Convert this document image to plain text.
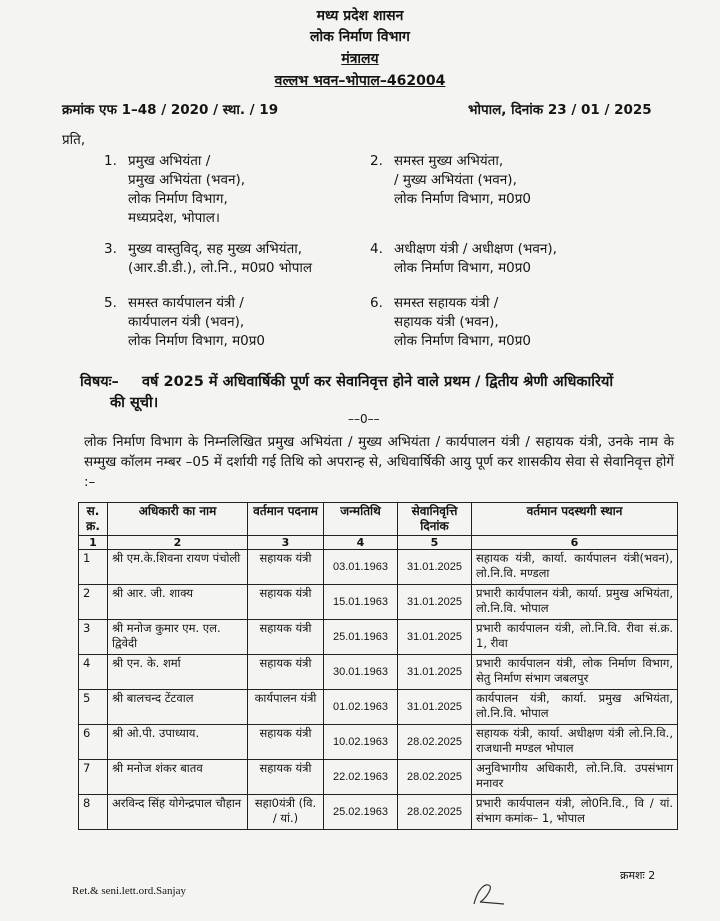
मध्य प्रदेश शासन
लोक निर्माण विभाग
मंत्रालय
वल्लभ भवन–भोपाल–462004
क्रमांक एफ 1–48 / 2020 / स्था. / 19	भोपाल, दिनांक 23 / 01 / 2025
प्रति,
1. प्रमुख अभियंता /
प्रमुख अभियंता (भवन),
लोक निर्माण विभाग,
मध्यप्रदेश, भोपाल।
2. समस्त मुख्य अभियंता,
/ मुख्य अभियंता (भवन),
लोक निर्माण विभाग, म0प्र0
3. मुख्य वास्तुविद्, सह मुख्य अभियंता,
(आर.डी.डी.), लो.नि., म0प्र0 भोपाल
4. अधीक्षण यंत्री / अधीक्षण (भवन),
लोक निर्माण विभाग, म0प्र0
5. समस्त कार्यपालन यंत्री /
कार्यपालन यंत्री (भवन),
लोक निर्माण विभाग, म0प्र0
6. समस्त सहायक यंत्री /
सहायक यंत्री (भवन),
लोक निर्माण विभाग, म0प्र0
विषयः– वर्ष 2025 में अधिवार्षिकी पूर्ण कर सेवानिवृत्त होने वाले प्रथम / द्वितीय श्रेणी अधिकारियों
की सूची।
––0––
लोक निर्माण विभाग के निम्नलिखित प्रमुख अभियंता / मुख्य अभियंता / कार्यपालन यंत्री / सहायक यंत्री, उनके नाम के सम्मुख कॉलम नम्बर –05 में दर्शायी गई तिथि को अपरान्ह से, अधिवार्षिकी आयु पूर्ण कर शासकीय सेवा से सेवानिवृत्त होगें :–
स. क्र.	अधिकारी का नाम	वर्तमान पदनाम	जन्मतिथि	सेवानिवृत्ति दिनांक	वर्तमान पदस्थगी स्थान
1	2	3	4	5	6
1	श्री एम.के.शिवना रायण पंचोली	सहायक यंत्री	03.01.1963	31.01.2025	सहायक यंत्री, कार्या. कार्यपालन यंत्री(भवन), लो.नि.वि. मण्डला
2	श्री आर. जी. शाक्य	सहायक यंत्री	15.01.1963	31.01.2025	प्रभारी कार्यपालन यंत्री, कार्या. प्रमुख अभियंता, लो.नि.वि. भोपाल
3	श्री मनोज कुमार एम. एल. द्विवेदी	सहायक यंत्री	25.01.1963	31.01.2025	प्रभारी कार्यपालन यंत्री, लो.नि.वि. रीवा सं.क्र. 1, रीवा
4	श्री एन. के. शर्मा	सहायक यंत्री	30.01.1963	31.01.2025	प्रभारी कार्यपालन यंत्री, लोक निर्माण विभाग, सेतु निर्माण संभाग जबलपुर
5	श्री बालचन्द टेंटवाल	कार्यपालन यंत्री	01.02.1963	31.01.2025	कार्यपालन यंत्री, कार्या. प्रमुख अभियंता, लो.नि.वि. भोपाल
6	श्री ओ.पी. उपाध्याय.	सहायक यंत्री	10.02.1963	28.02.2025	सहायक यंत्री, कार्या. अधीक्षण यंत्री लो.नि.वि., राजधानी मण्डल भोपाल
7	श्री मनोज शंकर बातव	सहायक यंत्री	22.02.1963	28.02.2025	अनुविभागीय अधिकारी, लो.नि.वि. उपसंभाग मनावर
8	अरविन्द सिंह योगेन्द्रपाल चौहान	सहा0यंत्री (वि. / यां.)	25.02.1963	28.02.2025	प्रभारी कार्यपालन यंत्री, लो0नि.वि., वि / यां. संभाग कमांक– 1, भोपाल
क्रमशः 2
Ret.& seni.lett.ord.Sanjay
